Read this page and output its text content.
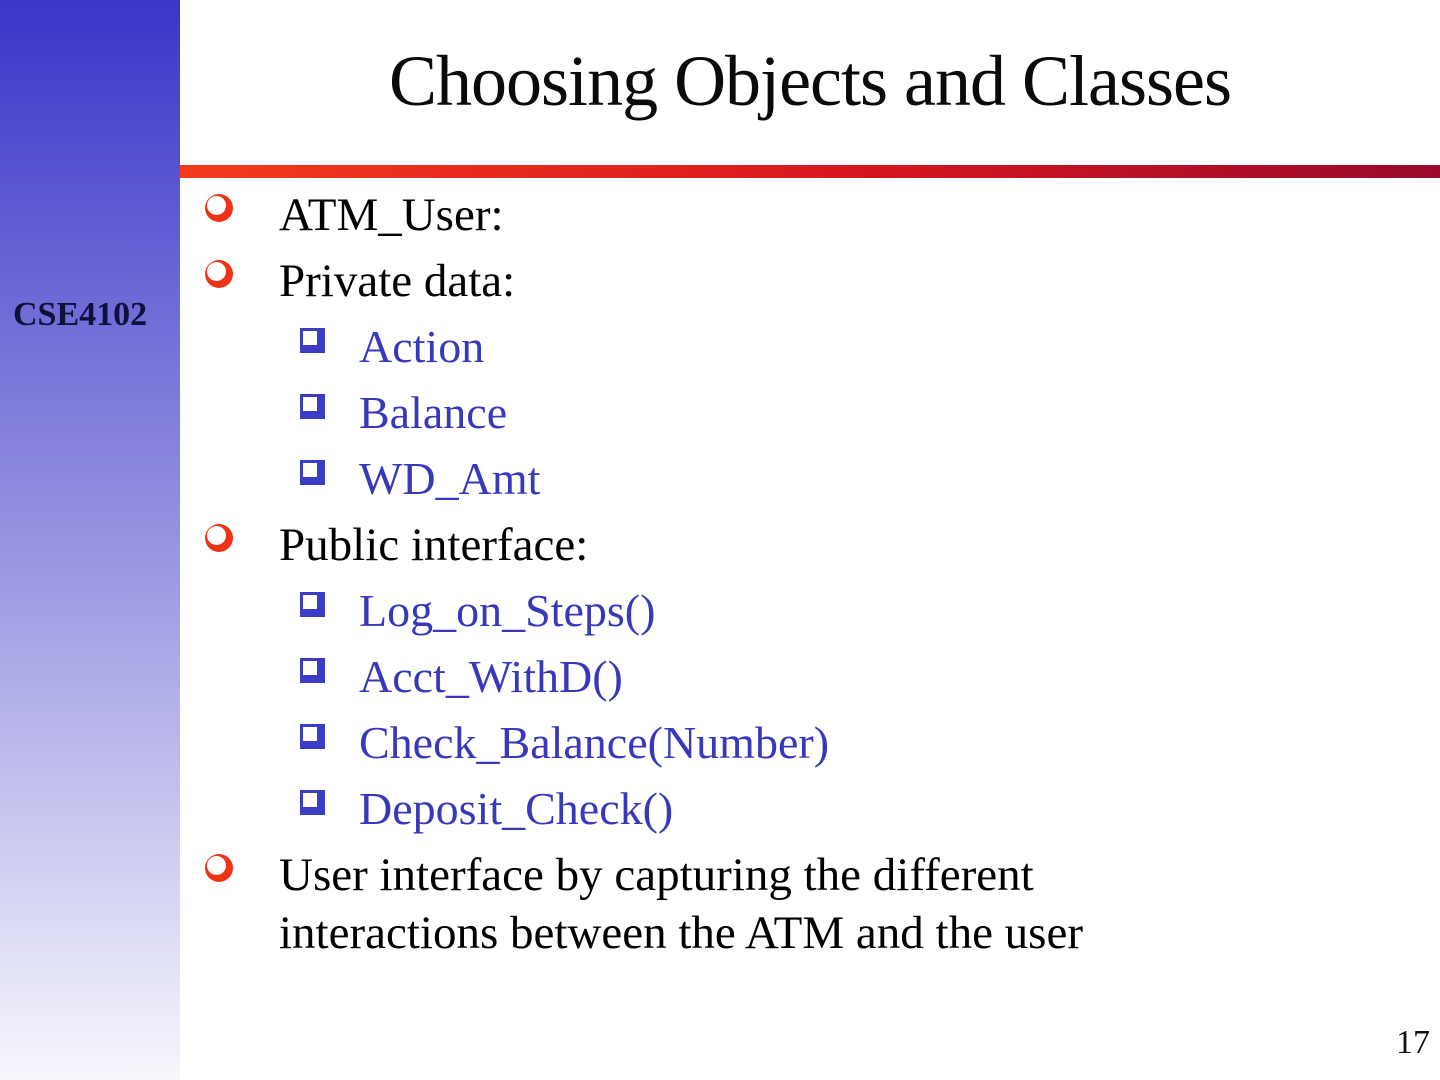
CSE4102
Choosing Objects and Classes
ATM_User:
Private data:
Action
Balance
WD_Amt
Public interface:
Log_on_Steps()
Acct_WithD()
Check_Balance(Number)
Deposit_Check()
User interface by capturing the different interactions between the ATM and the user
17
